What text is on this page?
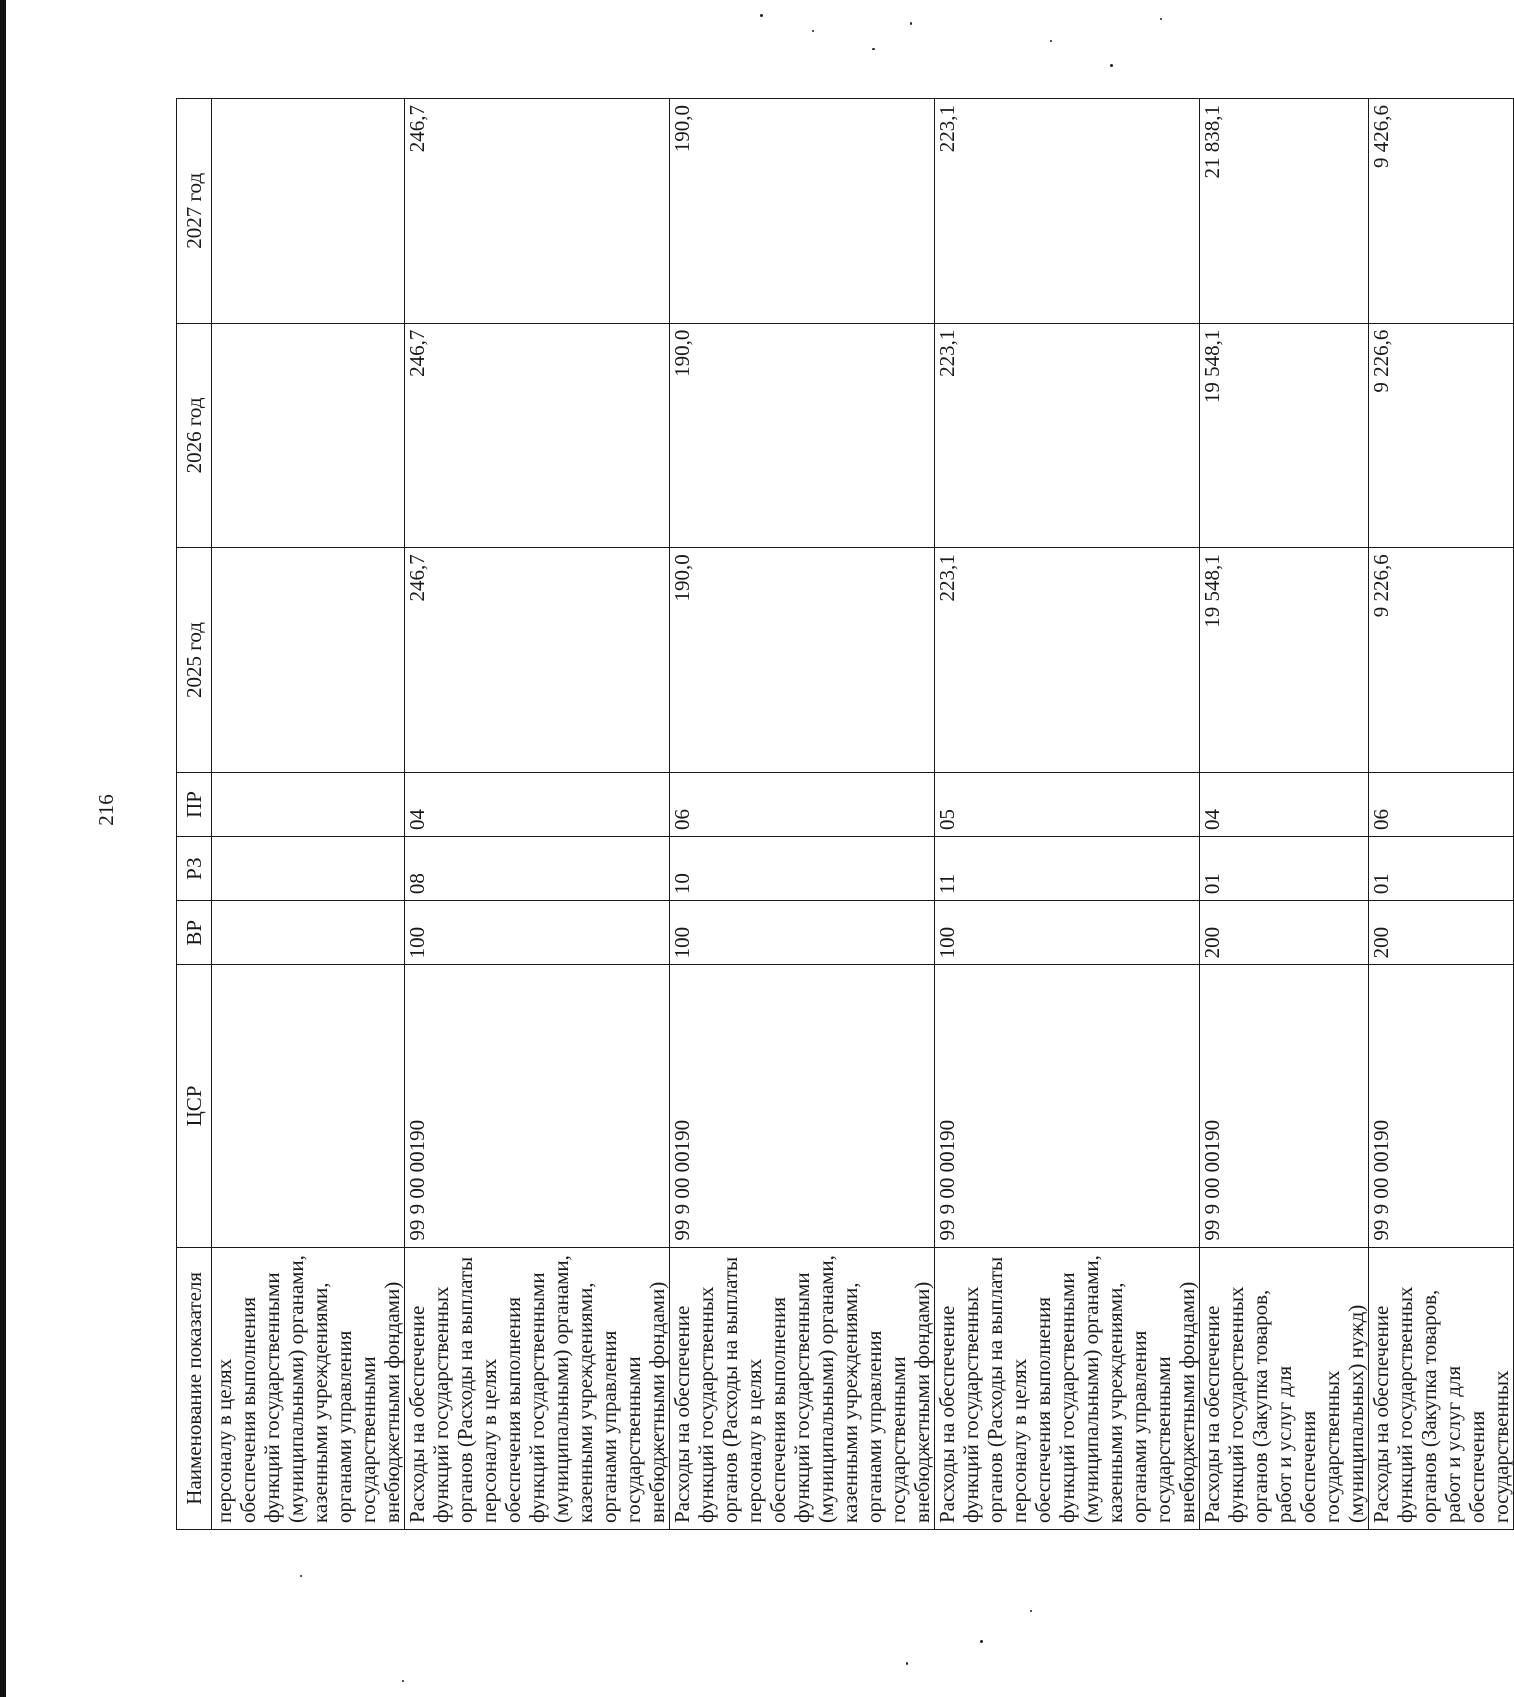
216
Наименование показателя	ЦСР	ВР	РЗ	ПР	2025 год	2026 год	2027 год
персоналу в целях обеспечения выполнения функций государственными (муниципальными) органами, казенными учреждениями, органами управления государственными внебюджетными фондами)							
Расходы на обеспечение функций государственных органов (Расходы на выплаты персоналу в целях обеспечения выполнения функций государственными (муниципальными) органами, казенными учреждениями, органами управления государственными внебюджетными фондами)	99 9 00 00190	100	08	04	246,7	246,7	246,7
Расходы на обеспечение функций государственных органов (Расходы на выплаты персоналу в целях обеспечения выполнения функций государственными (муниципальными) органами, казенными учреждениями, органами управления государственными внебюджетными фондами)	99 9 00 00190	100	10	06	190,0	190,0	190,0
Расходы на обеспечение функций государственных органов (Расходы на выплаты персоналу в целях обеспечения выполнения функций государственными (муниципальными) органами, казенными учреждениями, органами управления государственными внебюджетными фондами)	99 9 00 00190	100	11	05	223,1	223,1	223,1
Расходы на обеспечение функций государственных органов (Закупка товаров, работ и услуг для обеспечения государственных (муниципальных) нужд)	99 9 00 00190	200	01	04	19 548,1	19 548,1	21 838,1
Расходы на обеспечение функций государственных органов (Закупка товаров, работ и услуг для обеспечения государственных	99 9 00 00190	200	01	06	9 226,6	9 226,6	9 426,6
